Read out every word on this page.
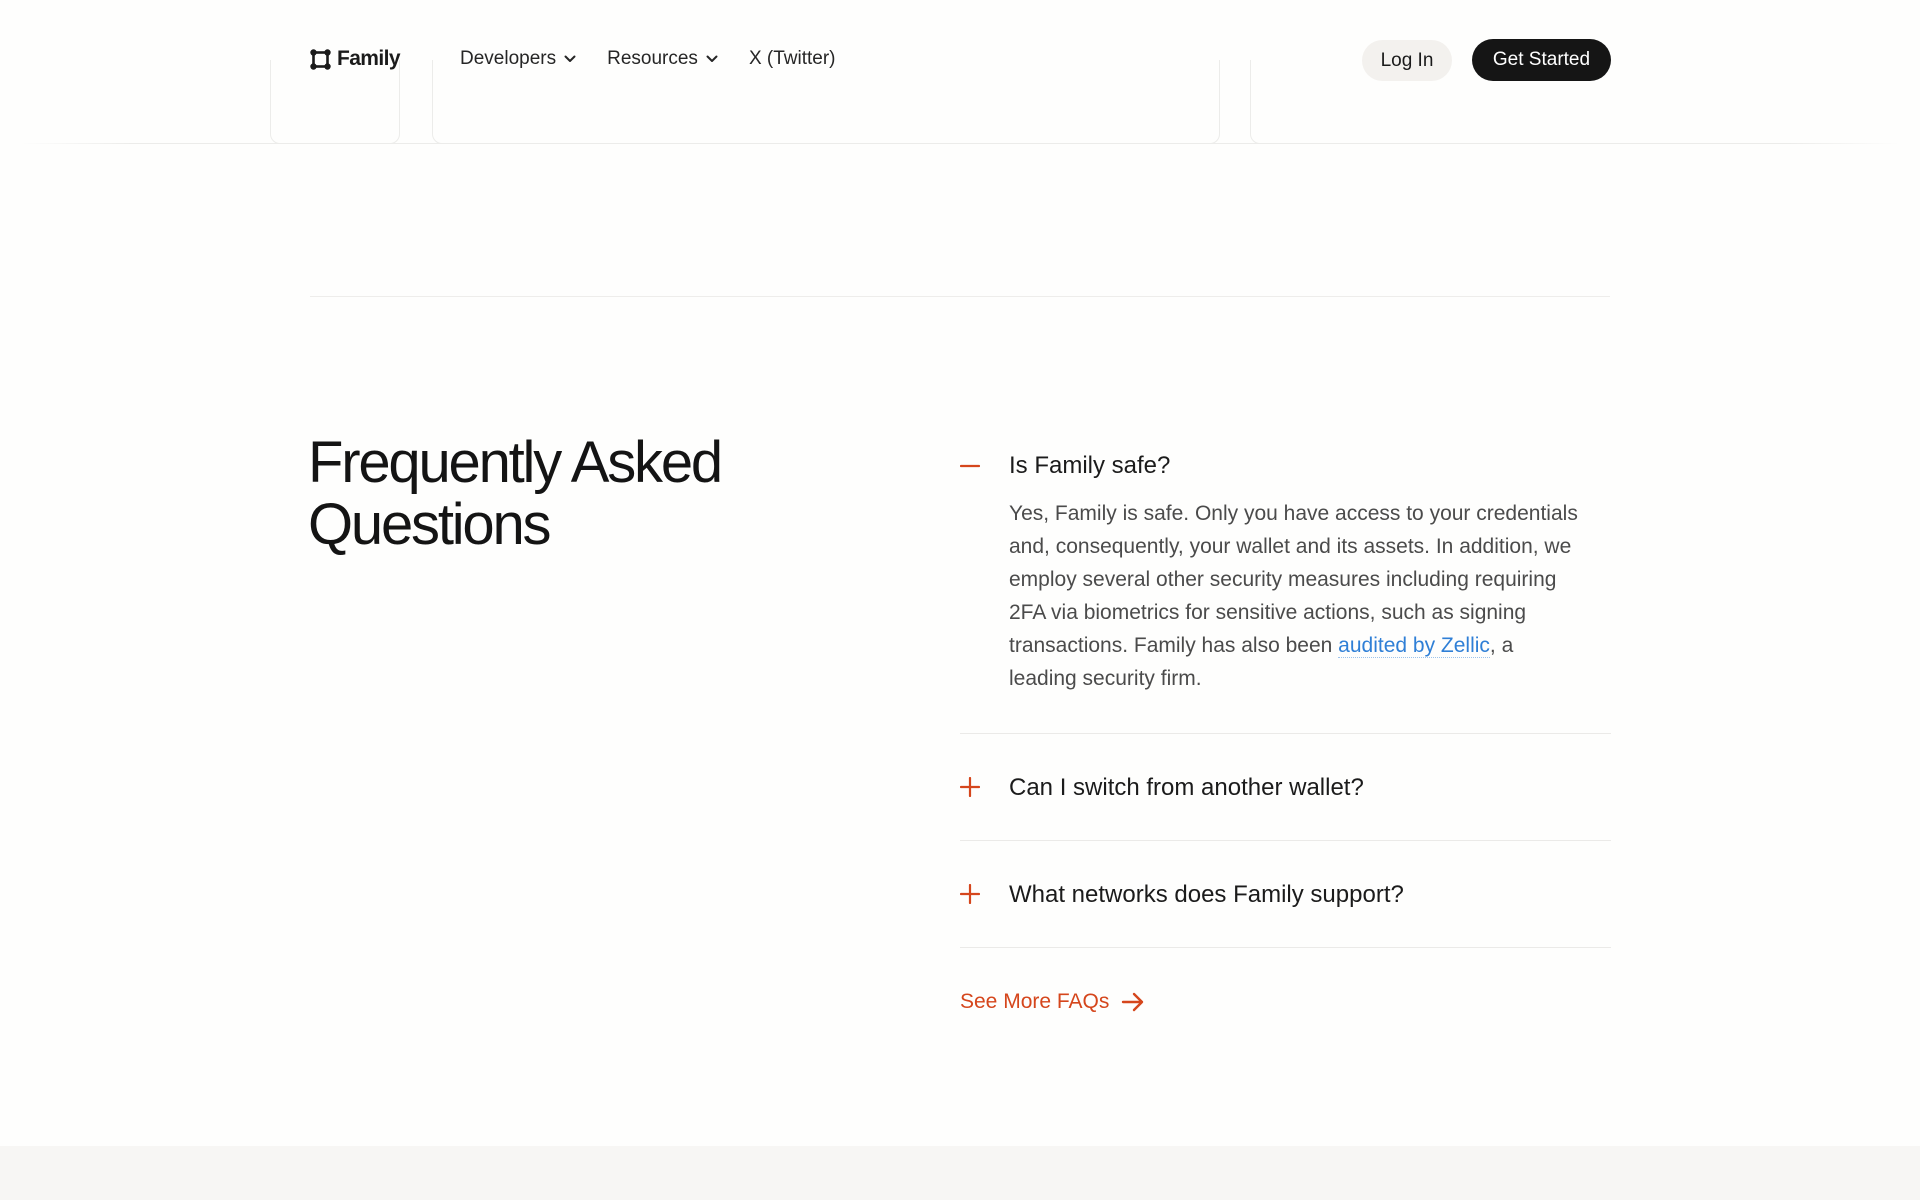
Family	Developers	Resources	X (Twitter)	Log In	Get Started
Frequently Asked Questions
Is Family safe?

Yes, Family is safe. Only you have access to your credentials and, consequently, your wallet and its assets. In addition, we employ several other security measures including requiring 2FA via biometrics for sensitive actions, such as signing transactions. Family has also been audited by Zellic, a leading security firm.

Can I switch from another wallet?
What networks does Family support?
See More FAQs
